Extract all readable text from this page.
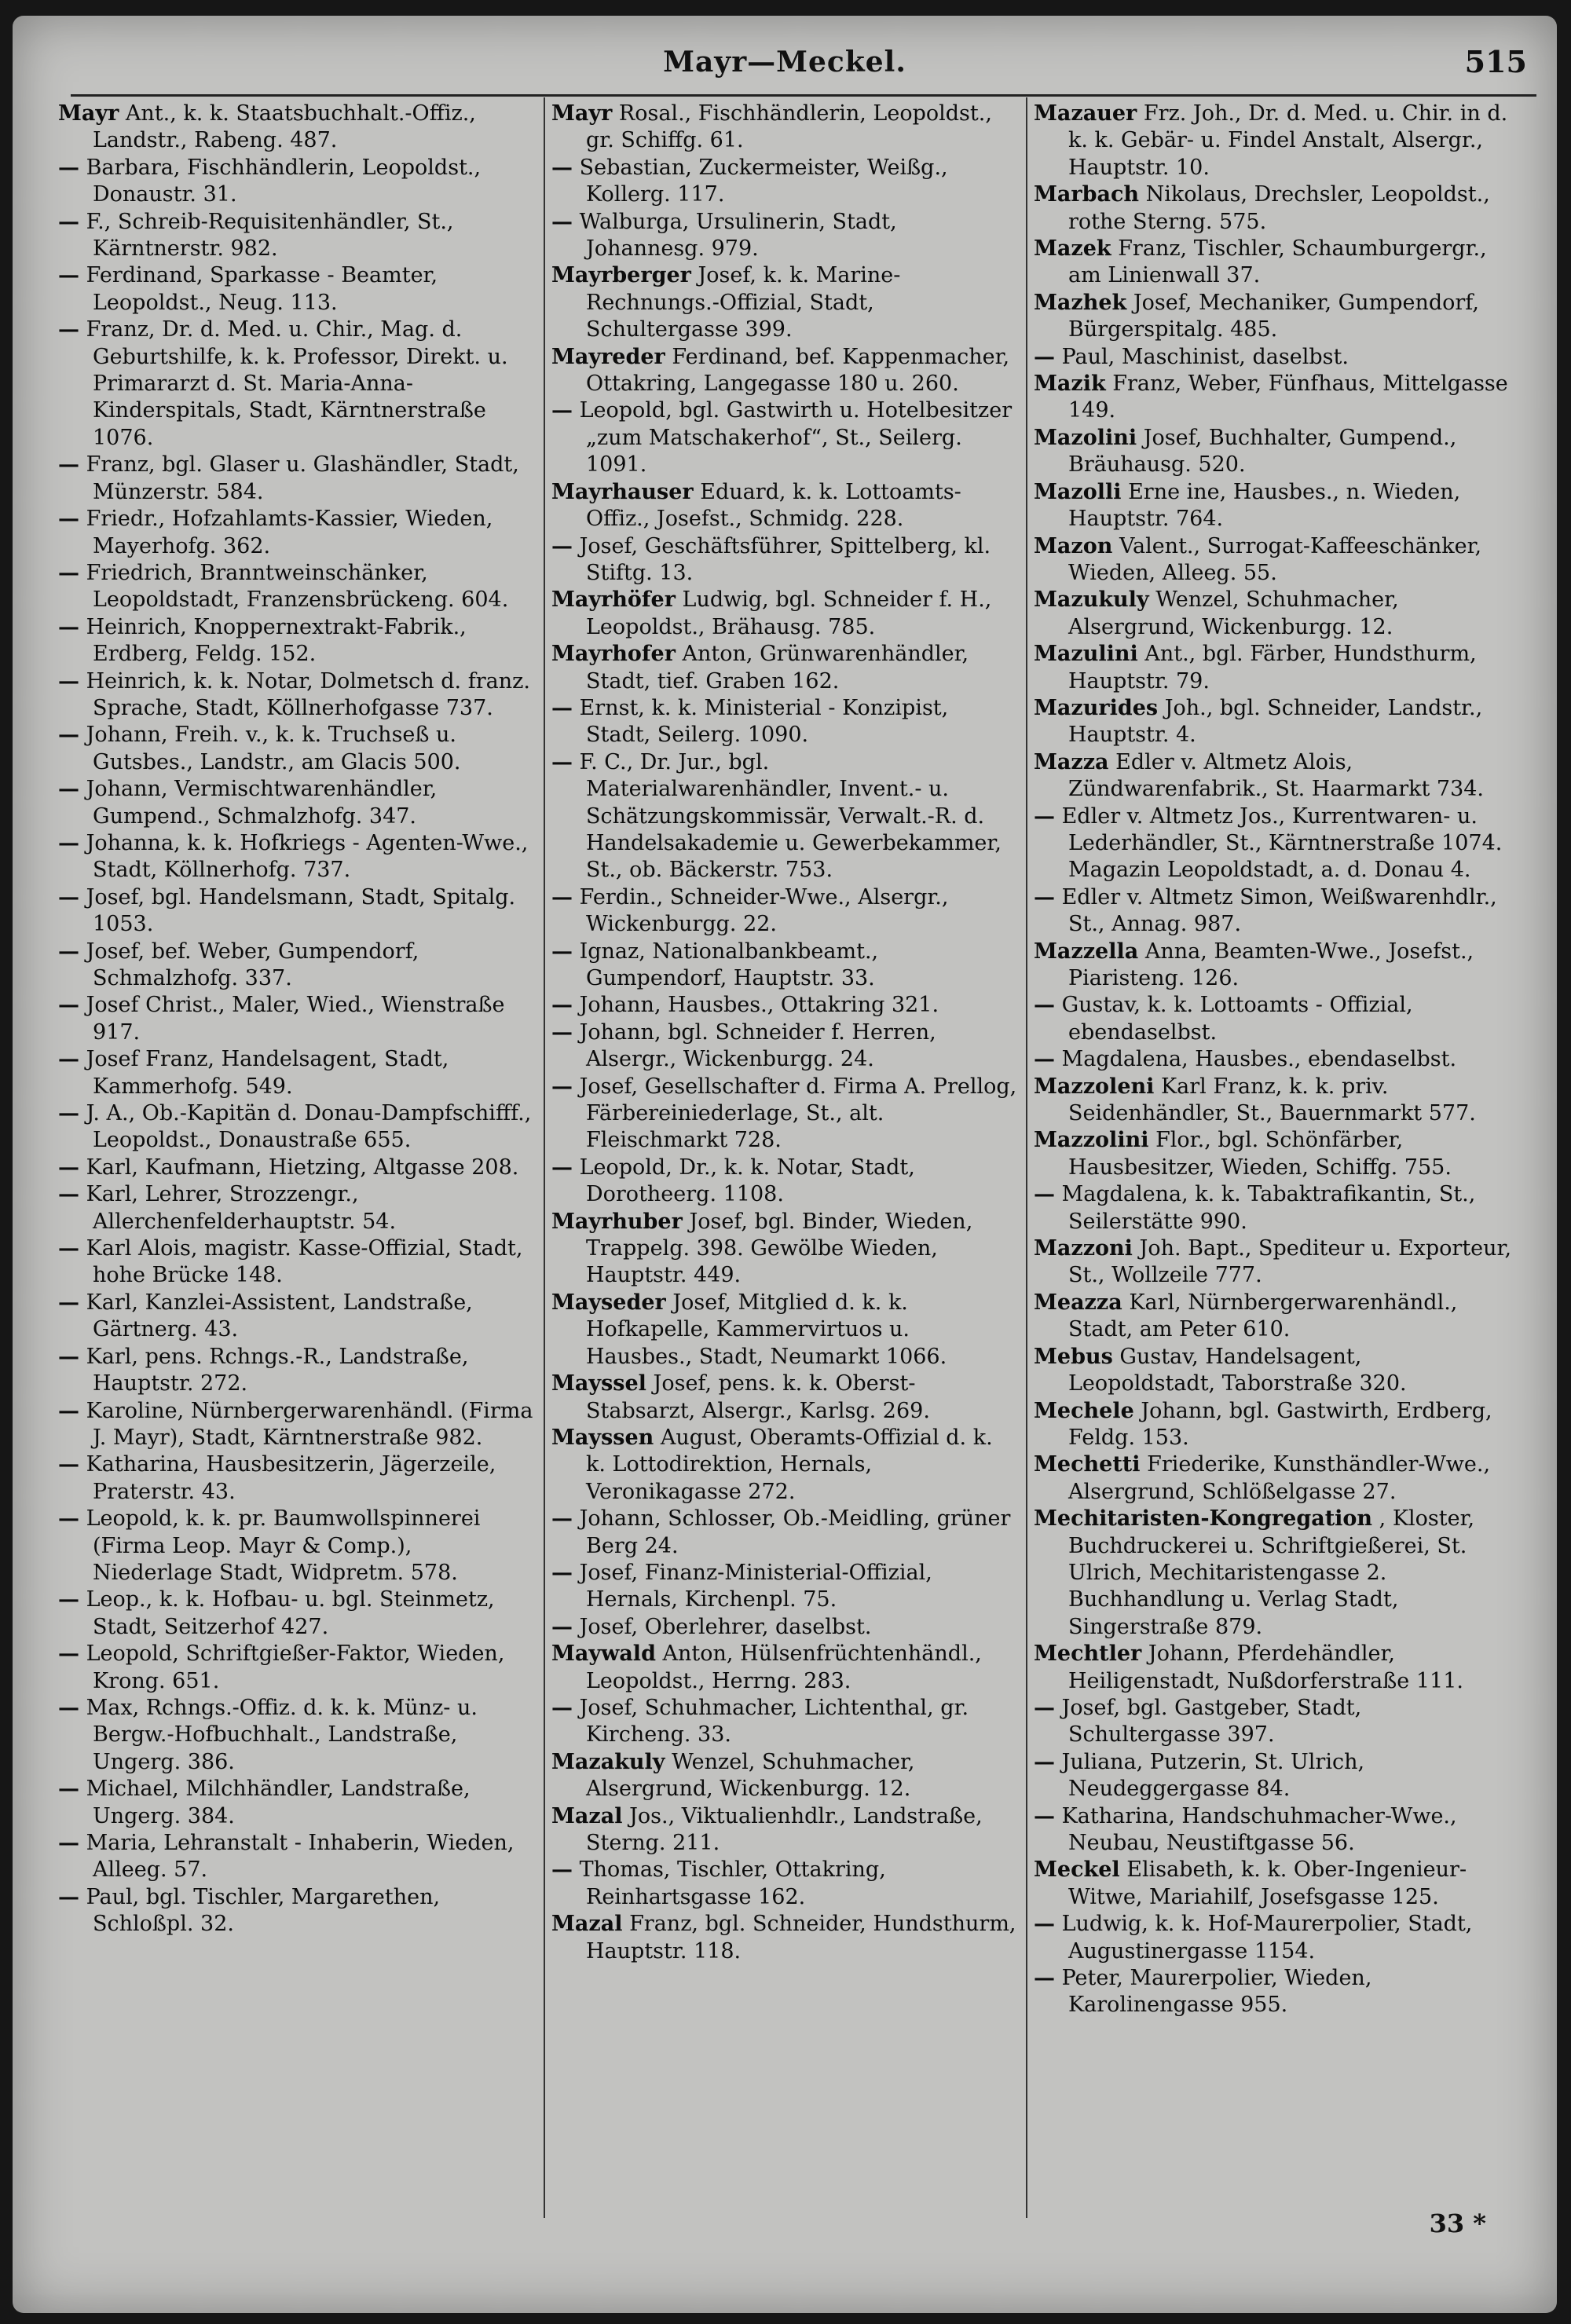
Mayr—Meckel.	515

Mayr Ant., k. k. Staatsbuchhalt.-Offiz., Landstr., Rabeng. 487.

— Barbara, Fischhändlerin, Leopoldst., Donaustr. 31.

— F., Schreib-Requisitenhändler, St., Kärntnerstr. 982.

— Ferdinand, Sparkasse - Beamter, Leopoldst., Neug. 113.

— Franz, Dr. d. Med. u. Chir., Mag. d. Geburtshilfe, k. k. Professor, Direkt. u. Primararzt d. St. Maria-Anna-Kinderspitals, Stadt, Kärntnerstraße 1076.

— Franz, bgl. Glaser u. Glashändler, Stadt, Münzerstr. 584.

— Friedr., Hofzahlamts-Kassier, Wieden, Mayerhofg. 362.

— Friedrich, Branntweinschänker, Leopoldstadt, Franzensbrückeng. 604.

— Heinrich, Knoppernextrakt-Fabrik., Erdberg, Feldg. 152.

— Heinrich, k. k. Notar, Dolmetsch d. franz. Sprache, Stadt, Köllnerhofgasse 737.

— Johann, Freih. v., k. k. Truchseß u. Gutsbes., Landstr., am Glacis 500.

— Johann, Vermischtwarenhändler, Gumpend., Schmalzhofg. 347.

— Johanna, k. k. Hofkriegs - Agenten-Wwe., Stadt, Köllnerhofg. 737.

— Josef, bgl. Handelsmann, Stadt, Spitalg. 1053.

— Josef, bef. Weber, Gumpendorf, Schmalzhofg. 337.

— Josef Christ., Maler, Wied., Wienstraße 917.

— Josef Franz, Handelsagent, Stadt, Kammerhofg. 549.

— J. A., Ob.-Kapitän d. Donau-Dampfschifff., Leopoldst., Donaustraße 655.

— Karl, Kaufmann, Hietzing, Altgasse 208.

— Karl, Lehrer, Strozzengr., Allerchenfelderhauptstr. 54.

— Karl Alois, magistr. Kasse-Offizial, Stadt, hohe Brücke 148.

— Karl, Kanzlei-Assistent, Landstraße, Gärtnerg. 43.

— Karl, pens. Rchngs.-R., Landstraße, Hauptstr. 272.

— Karoline, Nürnbergerwarenhändl. (Firma J. Mayr), Stadt, Kärntnerstraße 982.

— Katharina, Hausbesitzerin, Jägerzeile, Praterstr. 43.

— Leopold, k. k. pr. Baumwollspinnerei (Firma Leop. Mayr & Comp.), Niederlage Stadt, Widpretm. 578.

— Leop., k. k. Hofbau- u. bgl. Steinmetz, Stadt, Seitzerhof 427.

— Leopold, Schriftgießer-Faktor, Wieden, Krong. 651.

— Max, Rchngs.-Offiz. d. k. k. Münz- u. Bergw.-Hofbuchhalt., Landstraße, Ungerg. 386.

— Michael, Milchhändler, Landstraße, Ungerg. 384.

— Maria, Lehranstalt - Inhaberin, Wieden, Alleeg. 57.

— Paul, bgl. Tischler, Margarethen, Schloßpl. 32.

Mayr Rosal., Fischhändlerin, Leopoldst., gr. Schiffg. 61.

— Sebastian, Zuckermeister, Weißg., Kollerg. 117.

— Walburga, Ursulinerin, Stadt, Johannesg. 979.

Mayrberger Josef, k. k. Marine-Rechnungs.-Offizial, Stadt, Schultergasse 399.

Mayreder Ferdinand, bef. Kappenmacher, Ottakring, Langegasse 180 u. 260.

— Leopold, bgl. Gastwirth u. Hotelbesitzer „zum Matschakerhof“, St., Seilerg. 1091.

Mayrhauser Eduard, k. k. Lottoamts-Offiz., Josefst., Schmidg. 228.

— Josef, Geschäftsführer, Spittelberg, kl. Stiftg. 13.

Mayrhöfer Ludwig, bgl. Schneider f. H., Leopoldst., Brähausg. 785.

Mayrhofer Anton, Grünwarenhändler, Stadt, tief. Graben 162.

— Ernst, k. k. Ministerial - Konzipist, Stadt, Seilerg. 1090.

— F. C., Dr. Jur., bgl. Materialwarenhändler, Invent.- u. Schätzungskommissär, Verwalt.-R. d. Handelsakademie u. Gewerbekammer, St., ob. Bäckerstr. 753.

— Ferdin., Schneider-Wwe., Alsergr., Wickenburgg. 22.

— Ignaz, Nationalbankbeamt., Gumpendorf, Hauptstr. 33.

— Johann, Hausbes., Ottakring 321.

— Johann, bgl. Schneider f. Herren, Alsergr., Wickenburgg. 24.

— Josef, Gesellschafter d. Firma A. Prellog, Färbereiniederlage, St., alt. Fleischmarkt 728.

— Leopold, Dr., k. k. Notar, Stadt, Dorotheerg. 1108.

Mayrhuber Josef, bgl. Binder, Wieden, Trappelg. 398. Gewölbe Wieden, Hauptstr. 449.

Mayseder Josef, Mitglied d. k. k. Hofkapelle, Kammervirtuos u. Hausbes., Stadt, Neumarkt 1066.

Mayssel Josef, pens. k. k. Oberst-Stabsarzt, Alsergr., Karlsg. 269.

Mayssen August, Oberamts-Offizial d. k. k. Lottodirektion, Hernals, Veronikagasse 272.

— Johann, Schlosser, Ob.-Meidling, grüner Berg 24.

— Josef, Finanz-Ministerial-Offizial, Hernals, Kirchenpl. 75.

— Josef, Oberlehrer, daselbst.

Maywald Anton, Hülsenfrüchtenhändl., Leopoldst., Herrng. 283.

— Josef, Schuhmacher, Lichtenthal, gr. Kircheng. 33.

Mazakuly Wenzel, Schuhmacher, Alsergrund, Wickenburgg. 12.

Mazal Jos., Viktualienhdlr., Landstraße, Sterng. 211.

— Thomas, Tischler, Ottakring, Reinhartsgasse 162.

Mazal Franz, bgl. Schneider, Hundsthurm, Hauptstr. 118.

Mazauer Frz. Joh., Dr. d. Med. u. Chir. in d. k. k. Gebär- u. Findel Anstalt, Alsergr., Hauptstr. 10.

Marbach Nikolaus, Drechsler, Leopoldst., rothe Sterng. 575.

Mazek Franz, Tischler, Schaumburgergr., am Linienwall 37.

Mazhek Josef, Mechaniker, Gumpendorf, Bürgerspitalg. 485.

— Paul, Maschinist, daselbst.

Mazik Franz, Weber, Fünfhaus, Mittelgasse 149.

Mazolini Josef, Buchhalter, Gumpend., Bräuhausg. 520.

Mazolli Erne ine, Hausbes., n. Wieden, Hauptstr. 764.

Mazon Valent., Surrogat-Kaffeeschänker, Wieden, Alleeg. 55.

Mazukuly Wenzel, Schuhmacher, Alsergrund, Wickenburgg. 12.

Mazulini Ant., bgl. Färber, Hundsthurm, Hauptstr. 79.

Mazurides Joh., bgl. Schneider, Landstr., Hauptstr. 4.

Mazza Edler v. Altmetz Alois, Zündwarenfabrik., St. Haarmarkt 734.

— Edler v. Altmetz Jos., Kurrentwaren- u. Lederhändler, St., Kärntnerstraße 1074. Magazin Leopoldstadt, a. d. Donau 4.

— Edler v. Altmetz Simon, Weißwarenhdlr., St., Annag. 987.

Mazzella Anna, Beamten-Wwe., Josefst., Piaristeng. 126.

— Gustav, k. k. Lottoamts - Offizial, ebendaselbst.

— Magdalena, Hausbes., ebendaselbst.

Mazzoleni Karl Franz, k. k. priv. Seidenhändler, St., Bauernmarkt 577.

Mazzolini Flor., bgl. Schönfärber, Hausbesitzer, Wieden, Schiffg. 755.

— Magdalena, k. k. Tabaktrafikantin, St., Seilerstätte 990.

Mazzoni Joh. Bapt., Spediteur u. Exporteur, St., Wollzeile 777.

Meazza Karl, Nürnbergerwarenhändl., Stadt, am Peter 610.

Mebus Gustav, Handelsagent, Leopoldstadt, Taborstraße 320.

Mechele Johann, bgl. Gastwirth, Erdberg, Feldg. 153.

Mechetti Friederike, Kunsthändler-Wwe., Alsergrund, Schlößelgasse 27.

Mechitaristen-Kongregation , Kloster, Buchdruckerei u. Schriftgießerei, St. Ulrich, Mechitaristengasse 2. Buchhandlung u. Verlag Stadt, Singerstraße 879.

Mechtler Johann, Pferdehändler, Heiligenstadt, Nußdorferstraße 111.

— Josef, bgl. Gastgeber, Stadt, Schultergasse 397.

— Juliana, Putzerin, St. Ulrich, Neudeggergasse 84.

— Katharina, Handschuhmacher-Wwe., Neubau, Neustiftgasse 56.

Meckel Elisabeth, k. k. Ober-Ingenieur-Witwe, Mariahilf, Josefsgasse 125.

— Ludwig, k. k. Hof-Maurerpolier, Stadt, Augustinergasse 1154.

— Peter, Maurerpolier, Wieden, Karolinengasse 955.

33 *
